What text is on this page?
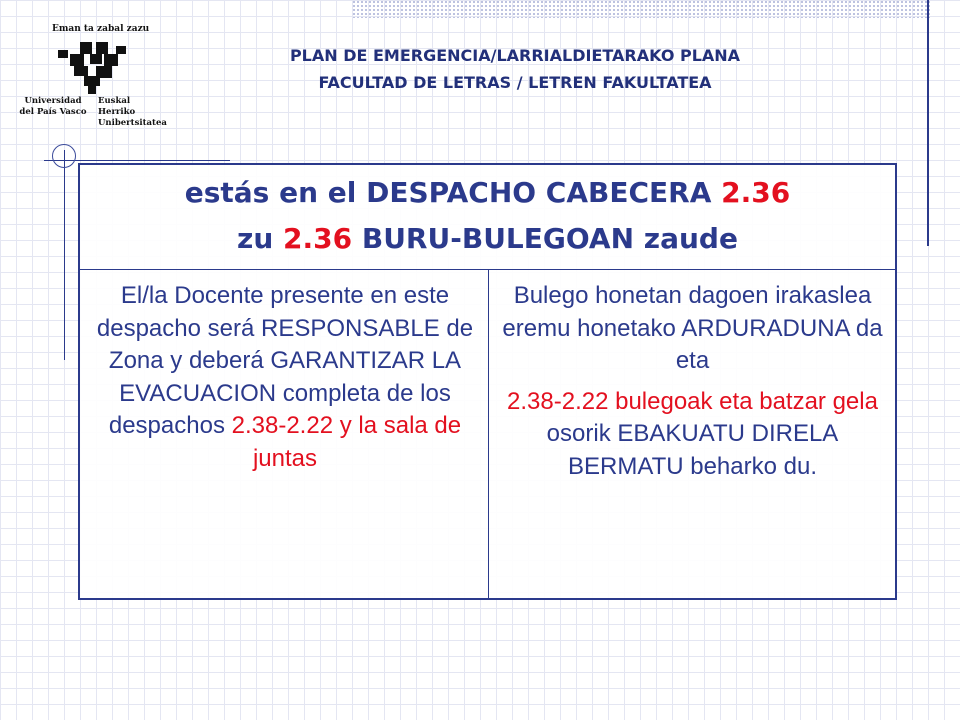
Eman ta zabal zazu
Universidad
del País Vasco
Euskal Herriko
Unibertsitatea
PLAN DE EMERGENCIA/LARRIALDIETARAKO PLANA
FACULTAD DE LETRAS / LETREN FAKULTATEA
estás en el DESPACHO CABECERA 2.36
zu 2.36 BURU-BULEGOAN zaude
El/la Docente presente en este despacho será RESPONSABLE de Zona y deberá GARANTIZAR LA EVACUACION completa de los despachos 2.38-2.22 y la sala de juntas

Bulego honetan dagoen irakaslea eremu honetako ARDURADUNA da eta

2.38-2.22 bulegoak eta batzar gela osorik EBAKUATU DIRELA BERMATU beharko du.
